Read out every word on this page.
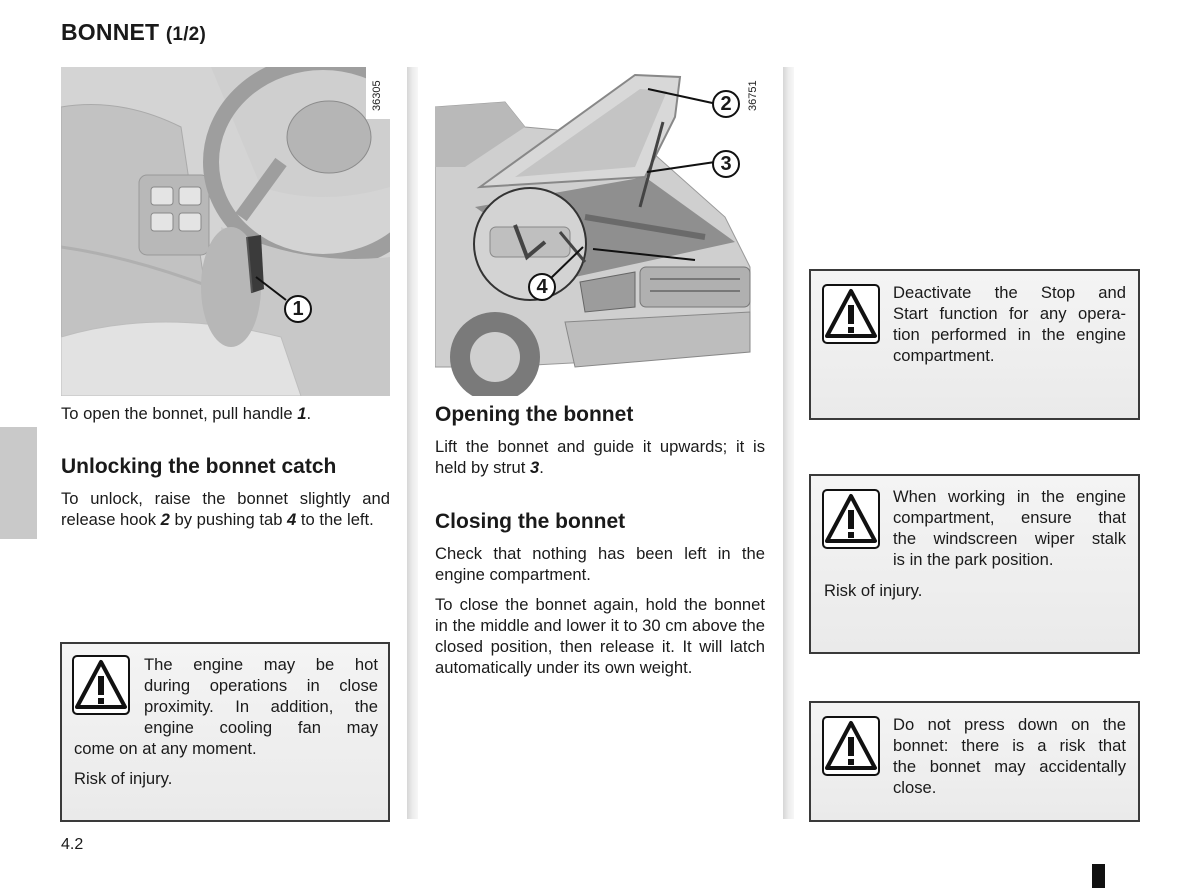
BONNET (1/2)
1
36305	2
3
4
36751
To open the bonnet, pull handle 1.
Unlocking the bonnet catch
To unlock, raise the bonnet slightly and release hook 2 by pushing tab 4 to the left.
The engine may be hot
during operations in close
proximity. In addition, the
engine cooling fan may
come on at any moment.
Risk of injury.
Opening the bonnet
Lift the bonnet and guide it upwards; it is held by strut 3.
Closing the bonnet
Check that nothing has been left in the engine compartment.
To close the bonnet again, hold the bonnet in the middle and lower it to 30 cm above the closed position, then release it. It will latch automatically under its own weight.
Deactivate the Stop and
Start function for any opera-
tion performed in the engine
compartment.
When working in the engine
compartment, ensure that
the windscreen wiper stalk
is in the park position.
Risk of injury.
Do not press down on the
bonnet: there is a risk that
the bonnet may accidentally
close.
4.2
